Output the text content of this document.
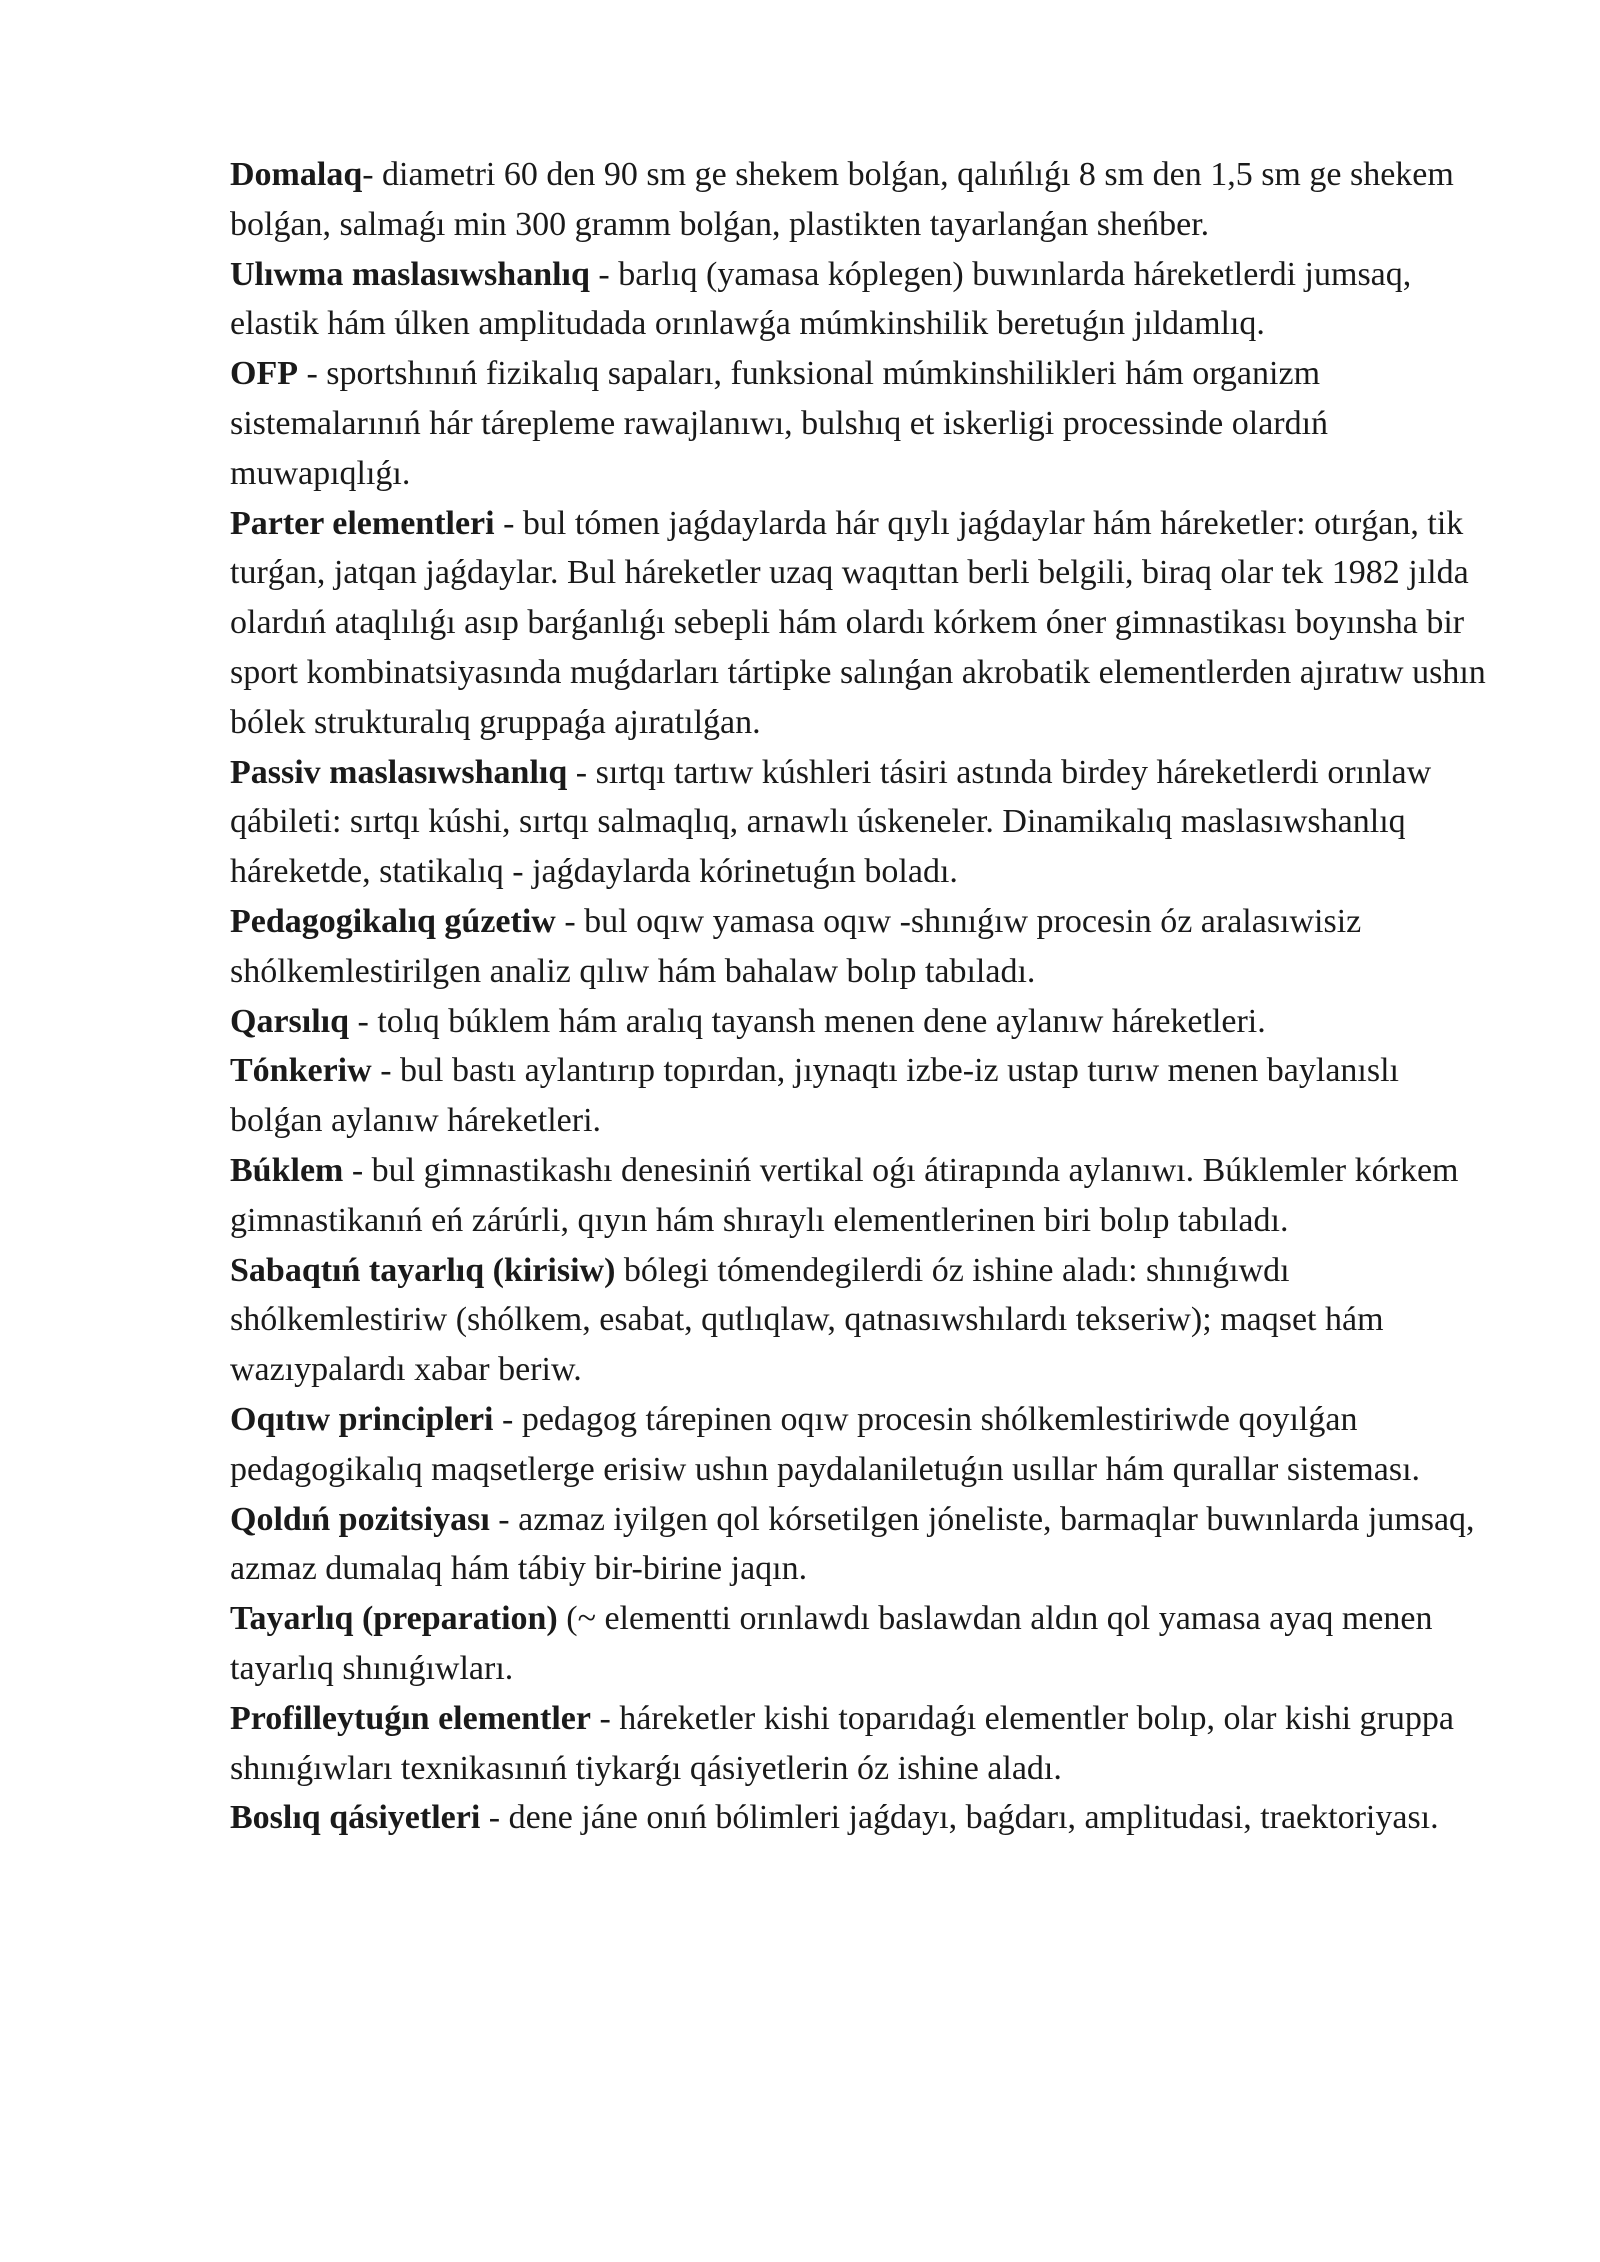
Domalaq- diametri 60 den 90 sm ge shekem bolǵan, qalıńlıǵı 8 sm den 1,5 sm ge shekem bolǵan, salmaǵı min 300 gramm bolǵan, plastikten tayarlanǵan sheńber.

Ulıwma maslasıwshanlıq - barlıq (yamasa kóplegen) buwınlarda háreketlerdi jumsaq, elastik hám úlken amplitudada orınlawǵa múmkinshilik beretuǵın jıldamlıq.

OFP - sportshınıń fizikalıq sapaları, funksional múmkinshilikleri hám organizm sistemalarınıń hár tárepleme rawajlanıwı, bulshıq et iskerligi processinde olardıń muwapıqlıǵı.

Parter elementleri - bul tómen jaǵdaylarda hár qıylı jaǵdaylar hám háreketler: otırǵan, tik turǵan, jatqan jaǵdaylar. Bul háreketler uzaq waqıttan berli belgili, biraq olar tek 1982 jılda olardıń ataqlılıǵı asıp barǵanlıǵı sebepli hám olardı kórkem óner gimnastikası boyınsha bir sport kombinatsiyasında muǵdarları tártipke salınǵan akrobatik elementlerden ajıratıw ushın bólek strukturalıq gruppaǵa ajıratılǵan.

Passiv maslasıwshanlıq - sırtqı tartıw kúshleri tásiri astında birdey háreketlerdi orınlaw qábileti: sırtqı kúshi, sırtqı salmaqlıq, arnawlı úskeneler. Dinamikalıq maslasıwshanlıq háreketde, statikalıq - jaǵdaylarda kórinetuǵın boladı.

Pedagogikalıq gúzetiw - bul oqıw yamasa oqıw -shınıǵıw procesin óz aralasıwisiz shólkemlestirilgen analiz qılıw hám bahalaw bolıp tabıladı.

Qarsılıq - tolıq búklem hám aralıq tayansh menen dene aylanıw háreketleri.

Tónkeriw - bul bastı aylantırıp topırdan, jıynaqtı izbe-iz ustap turıw menen baylanıslı bolǵan aylanıw háreketleri.

Búklem - bul gimnastikashı denesiniń vertikal oǵı átirapında aylanıwı. Búklemler kórkem gimnastikanıń eń zárúrli, qıyın hám shıraylı elementlerinen biri bolıp tabıladı.

Sabaqtıń tayarlıq (kirisiw) bólegi tómendegilerdi óz ishine aladı: shınıǵıwdı shólkemlestiriw (shólkem, esabat, qutlıqlaw, qatnasıwshılardı tekseriw); maqset hám wazıypalardı xabar beriw.

Oqıtıw principleri - pedagog tárepinen oqıw procesin shólkemlestiriwde qoyılǵan pedagogikalıq maqsetlerge erisiw ushın paydalaniletuǵın usıllar hám qurallar sisteması.

Qoldıń pozitsiyası - azmaz iyilgen qol kórsetilgen jóneliste, barmaqlar buwınlarda jumsaq, azmaz dumalaq hám tábiy bir-birine jaqın.

Tayarlıq (preparation) (~ elementti orınlawdı baslawdan aldın qol yamasa ayaq menen tayarlıq shınıǵıwları.

Profilleytuǵın elementler - háreketler kishi toparıdaǵı elementler bolıp, olar kishi gruppa shınıǵıwları texnikasınıń tiykarǵı qásiyetlerin óz ishine aladı.

Boslıq qásiyetleri - dene jáne onıń bólimleri jaǵdayı, baǵdarı, amplitudasi, traektoriyası.
